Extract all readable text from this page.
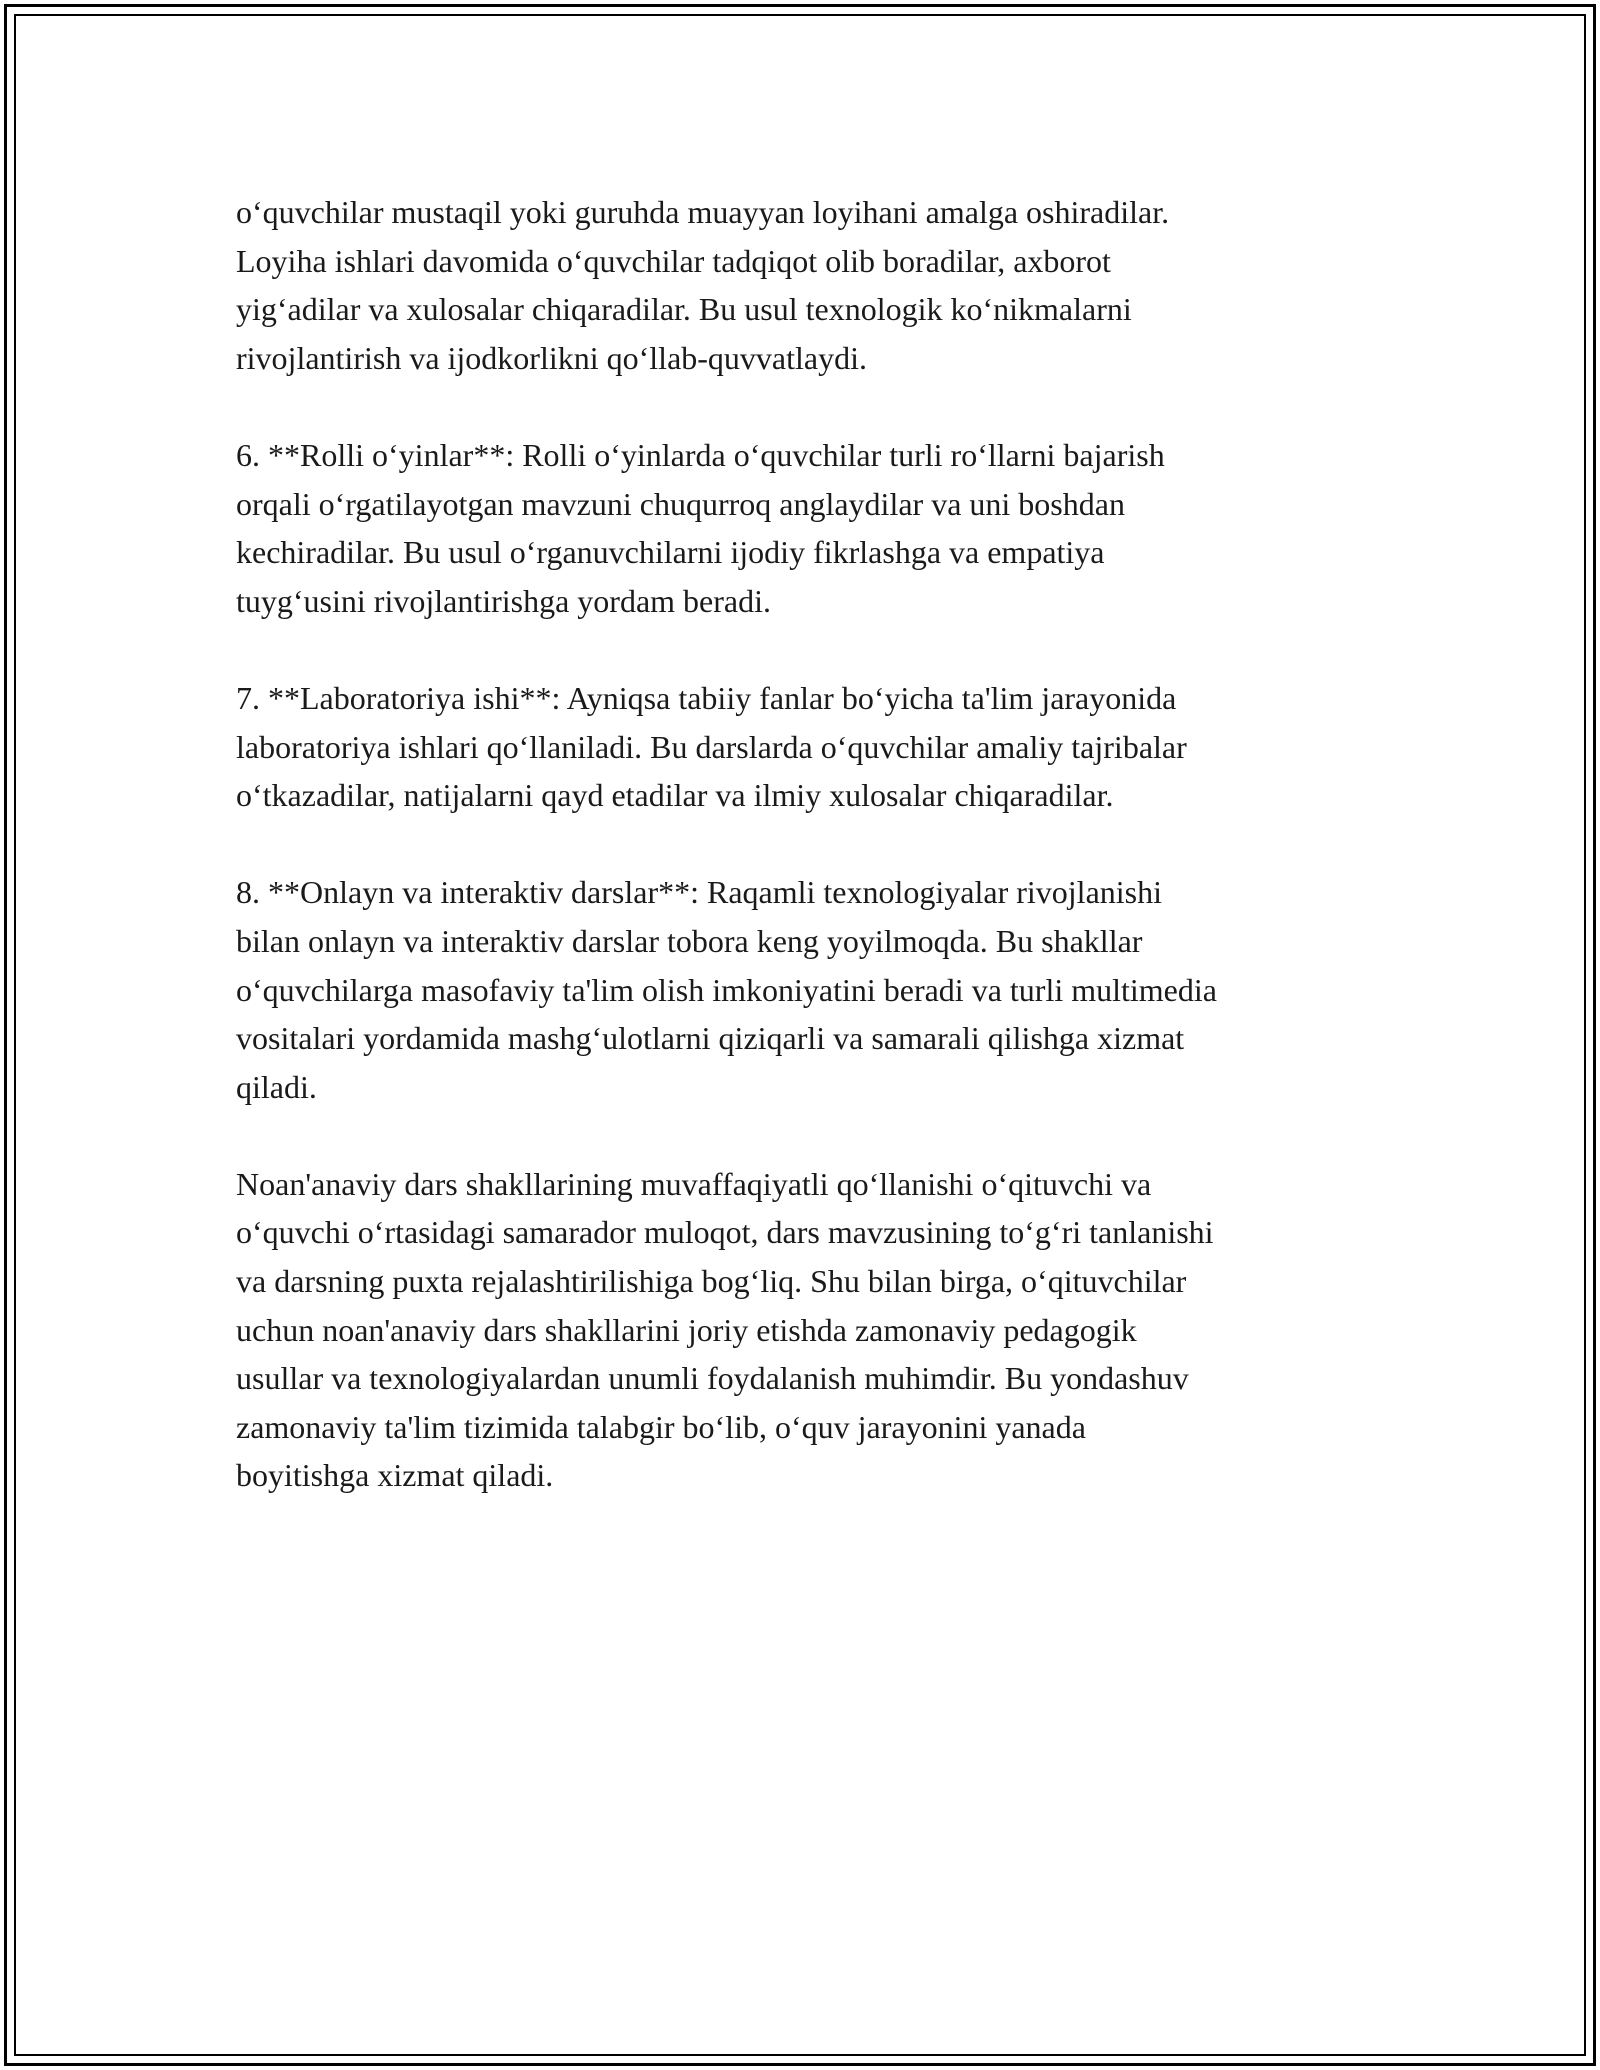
o‘quvchilar mustaqil yoki guruhda muayyan loyihani amalga oshiradilar.
Loyiha ishlari davomida o‘quvchilar tadqiqot olib boradilar, axborot
yig‘adilar va xulosalar chiqaradilar. Bu usul texnologik ko‘nikmalarni
rivojlantirish va ijodkorlikni qo‘llab-quvvatlaydi.

6. **Rolli o‘yinlar**: Rolli o‘yinlarda o‘quvchilar turli ro‘llarni bajarish
orqali o‘rgatilayotgan mavzuni chuqurroq anglaydilar va uni boshdan
kechiradilar. Bu usul o‘rganuvchilarni ijodiy fikrlashga va empatiya
tuyg‘usini rivojlantirishga yordam beradi.

7. **Laboratoriya ishi**: Ayniqsa tabiiy fanlar bo‘yicha ta'lim jarayonida
laboratoriya ishlari qo‘llaniladi. Bu darslarda o‘quvchilar amaliy tajribalar
o‘tkazadilar, natijalarni qayd etadilar va ilmiy xulosalar chiqaradilar.

8. **Onlayn va interaktiv darslar**: Raqamli texnologiyalar rivojlanishi
bilan onlayn va interaktiv darslar tobora keng yoyilmoqda. Bu shakllar
o‘quvchilarga masofaviy ta'lim olish imkoniyatini beradi va turli multimedia
vositalari yordamida mashg‘ulotlarni qiziqarli va samarali qilishga xizmat
qiladi.

Noan'anaviy dars shakllarining muvaffaqiyatli qo‘llanishi o‘qituvchi va
o‘quvchi o‘rtasidagi samarador muloqot, dars mavzusining to‘g‘ri tanlanishi
va darsning puxta rejalashtirilishiga bog‘liq. Shu bilan birga, o‘qituvchilar
uchun noan'anaviy dars shakllarini joriy etishda zamonaviy pedagogik
usullar va texnologiyalardan unumli foydalanish muhimdir. Bu yondashuv
zamonaviy ta'lim tizimida talabgir bo‘lib, o‘quv jarayonini yanada
boyitishga xizmat qiladi.
